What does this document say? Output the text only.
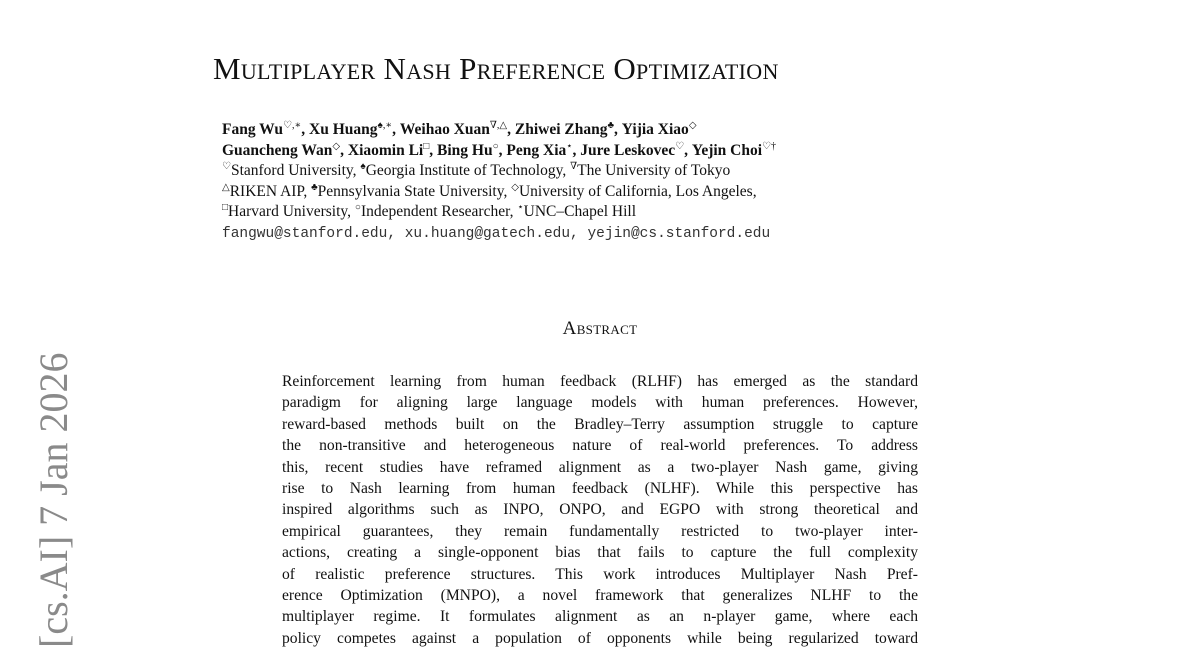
[cs.AI] 7 Jan 2026
Multiplayer Nash Preference Optimization
Fang Wu♡,∗, Xu Huang♠,∗, Weihao Xuan∇,△, Zhiwei Zhang♣, Yijia Xiao◇
Guancheng Wan◇, Xiaomin Li□, Bing Hu○, Peng Xia⋆, Jure Leskovec♡, Yejin Choi♡†
♡Stanford University, ♠Georgia Institute of Technology, ∇The University of Tokyo
△RIKEN AIP, ♣Pennsylvania State University, ◇University of California, Los Angeles,
□Harvard University, ○Independent Researcher, ⋆UNC–Chapel Hill
fangwu@stanford.edu, xu.huang@gatech.edu, yejin@cs.stanford.edu
Abstract
Reinforcement learning from human feedback (RLHF) has emerged as the standard
paradigm for aligning large language models with human preferences. However,
reward-based methods built on the Bradley–Terry assumption struggle to capture
the non-transitive and heterogeneous nature of real-world preferences. To address
this, recent studies have reframed alignment as a two-player Nash game, giving
rise to Nash learning from human feedback (NLHF). While this perspective has
inspired algorithms such as INPO, ONPO, and EGPO with strong theoretical and
empirical guarantees, they remain fundamentally restricted to two-player inter-
actions, creating a single-opponent bias that fails to capture the full complexity
of realistic preference structures. This work introduces Multiplayer Nash Pref-
erence Optimization (MNPO), a novel framework that generalizes NLHF to the
multiplayer regime. It formulates alignment as an n-player game, where each
policy competes against a population of opponents while being regularized toward
